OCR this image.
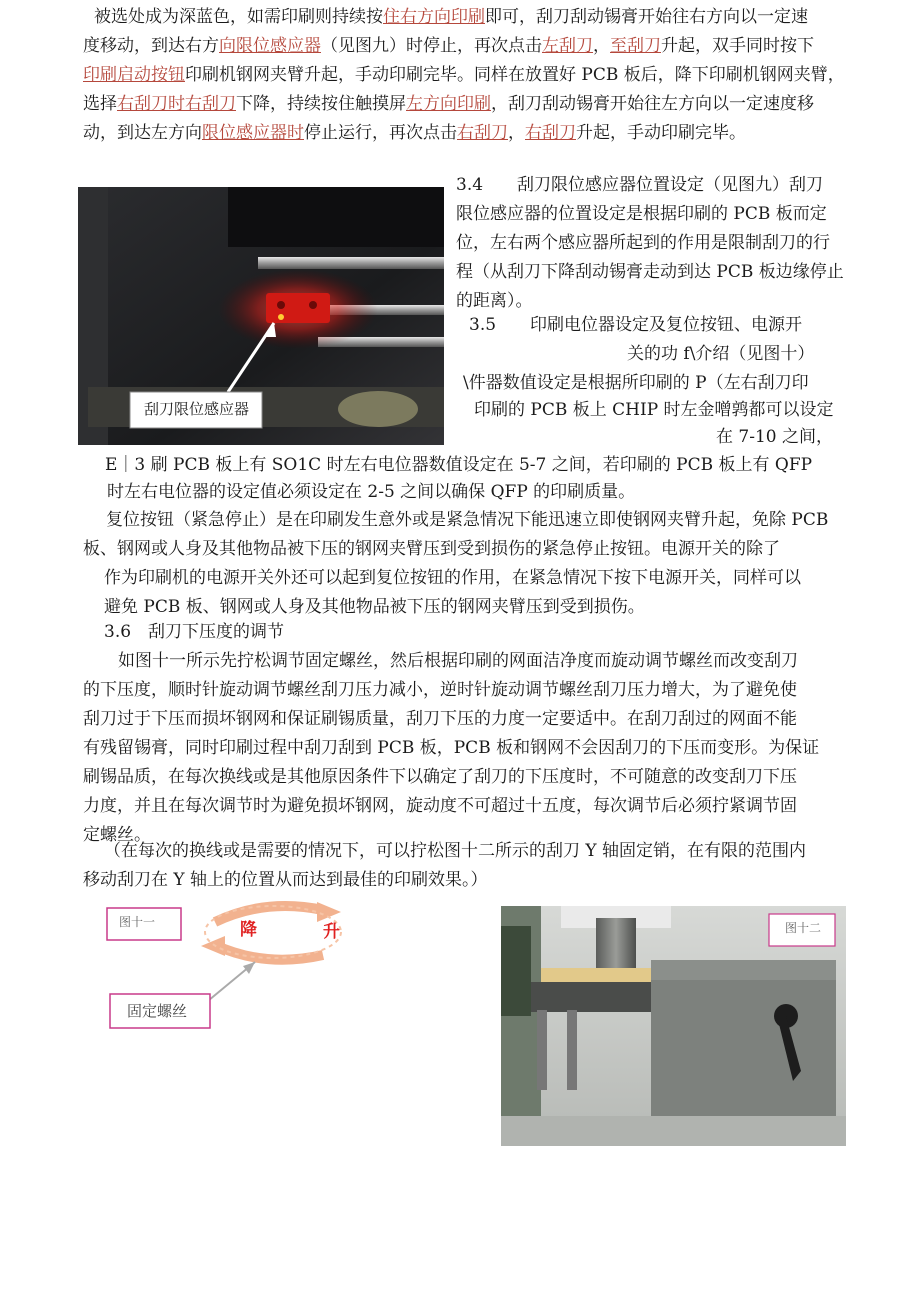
被选处成为深蓝色，如需印刷则持续按住右方向印刷即可，刮刀刮动锡膏开始往右方向以一定速
度移动，到达右方向限位感应器（见图九）时停止，再次点击左刮刀，至刮刀升起，双手同时按下
印刷启动按钮印刷机钢网夹臂升起，手动印刷完毕。同样在放置好 PCB 板后，降下印刷机钢网夹臂，
选择右刮刀时右刮刀下降，持续按住触摸屏左方向印刷，刮刀刮动锡膏开始往左方向以一定速度移
动，到达左方向限位感应器时停止运行，再次点击右刮刀，右刮刀升起，手动印刷完毕。
刮刀限位感应器
3.4　　刮刀限位感应器位置设定（见图九）刮刀
限位感应器的位置设定是根据印刷的 PCB 板而定
位，左右两个感应器所起到的作用是限制刮刀的行
程（从刮刀下降刮动锡膏走动到达 PCB 板边缘停止
的距离）。
3.5　　印刷电位器设定及复位按钮、电源开
关的功 f\介绍（见图十）
\件器数值设定是根据所印刷的 P（左右刮刀印
印刷的 PCB 板上 CHIP 时左金噌鹑都可以设定
在 7-10 之间，
E｜3 刷 PCB 板上有 SO1C 时左右电位器数值设定在 5-7 之间，若印刷的 PCB 板上有 QFP
时左右电位器的设定值必须设定在 2-5 之间以确保 QFP 的印刷质量。
复位按钮（紧急停止）是在印刷发生意外或是紧急情况下能迅速立即使钢网夹臂升起，免除 PCB
板、钢网或人身及其他物品被下压的钢网夹臂压到受到损伤的紧急停止按钮。电源开关的除了
作为印刷机的电源开关外还可以起到复位按钮的作用，在紧急情况下按下电源开关，同样可以
避免 PCB 板、钢网或人身及其他物品被下压的钢网夹臂压到受到损伤。
3.6　刮刀下压度的调节
如图十一所示先拧松调节固定螺丝，然后根据印刷的网面洁净度而旋动调节螺丝而改变刮刀
的下压度，顺时针旋动调节螺丝刮刀压力减小，逆时针旋动调节螺丝刮刀压力增大，为了避免使
刮刀过于下压而损坏钢网和保证刷锡质量，刮刀下压的力度一定要适中。在刮刀刮过的网面不能
有残留锡膏，同时印刷过程中刮刀刮到 PCB 板，PCB 板和钢网不会因刮刀的下压而变形。为保证
刷锡品质，在每次换线或是其他原因条件下以确定了刮刀的下压度时，不可随意的改变刮刀下压
力度，并且在每次调节时为避免损坏钢网，旋动度不可超过十五度，每次调节后必须拧紧调节固
定螺丝。
（在每次的换线或是需要的情况下，可以拧松图十二所示的刮刀 Y 轴固定销，在有限的范围内
移动刮刀在 Y 轴上的位置从而达到最佳的印刷效果。）
图十一	降	升
固定螺丝
图十二
